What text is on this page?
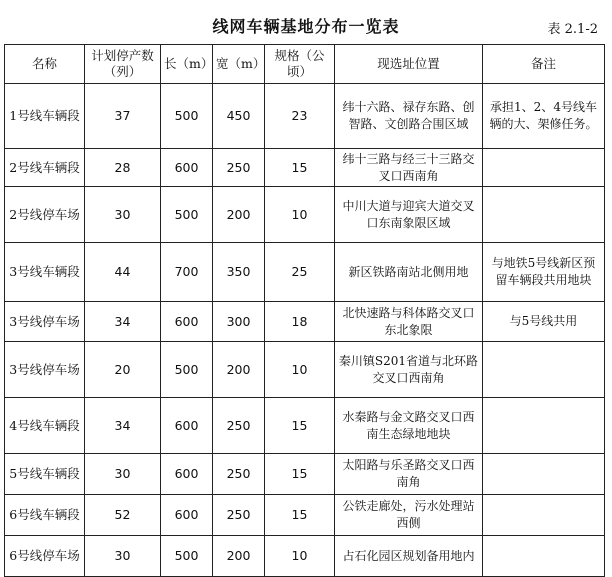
线网车辆基地分布一览表	表 2.1-2
名称	计划停产数（列）	长（m）	宽（m）	规格（公顷）	现选址位置	备注
1号线车辆段	37	500	450	23	纬十六路、禄存东路、创智路、文创路合围区域	承担1、2、4号线车辆的大、架修任务。
2号线车辆段	28	600	250	15	纬十三路与经三十三路交叉口西南角	
2号线停车场	30	500	200	10	中川大道与迎宾大道交叉口东南象限区域	
3号线车辆段	44	700	350	25	新区铁路南站北侧用地	与地铁5号线新区预留车辆段共用地块
3号线停车场	34	600	300	18	北快速路与科体路交叉口东北象限	与5号线共用
3号线停车场	20	500	200	10	秦川镇S201省道与北环路交叉口西南角	
4号线车辆段	34	600	250	15	水秦路与金文路交叉口西南生态绿地地块	
5号线车辆段	30	600	250	15	太阳路与乐圣路交叉口西南角	
6号线车辆段	52	600	250	15	公铁走廊处，污水处理站西侧	
6号线停车场	30	500	200	10	占石化园区规划备用地内	
